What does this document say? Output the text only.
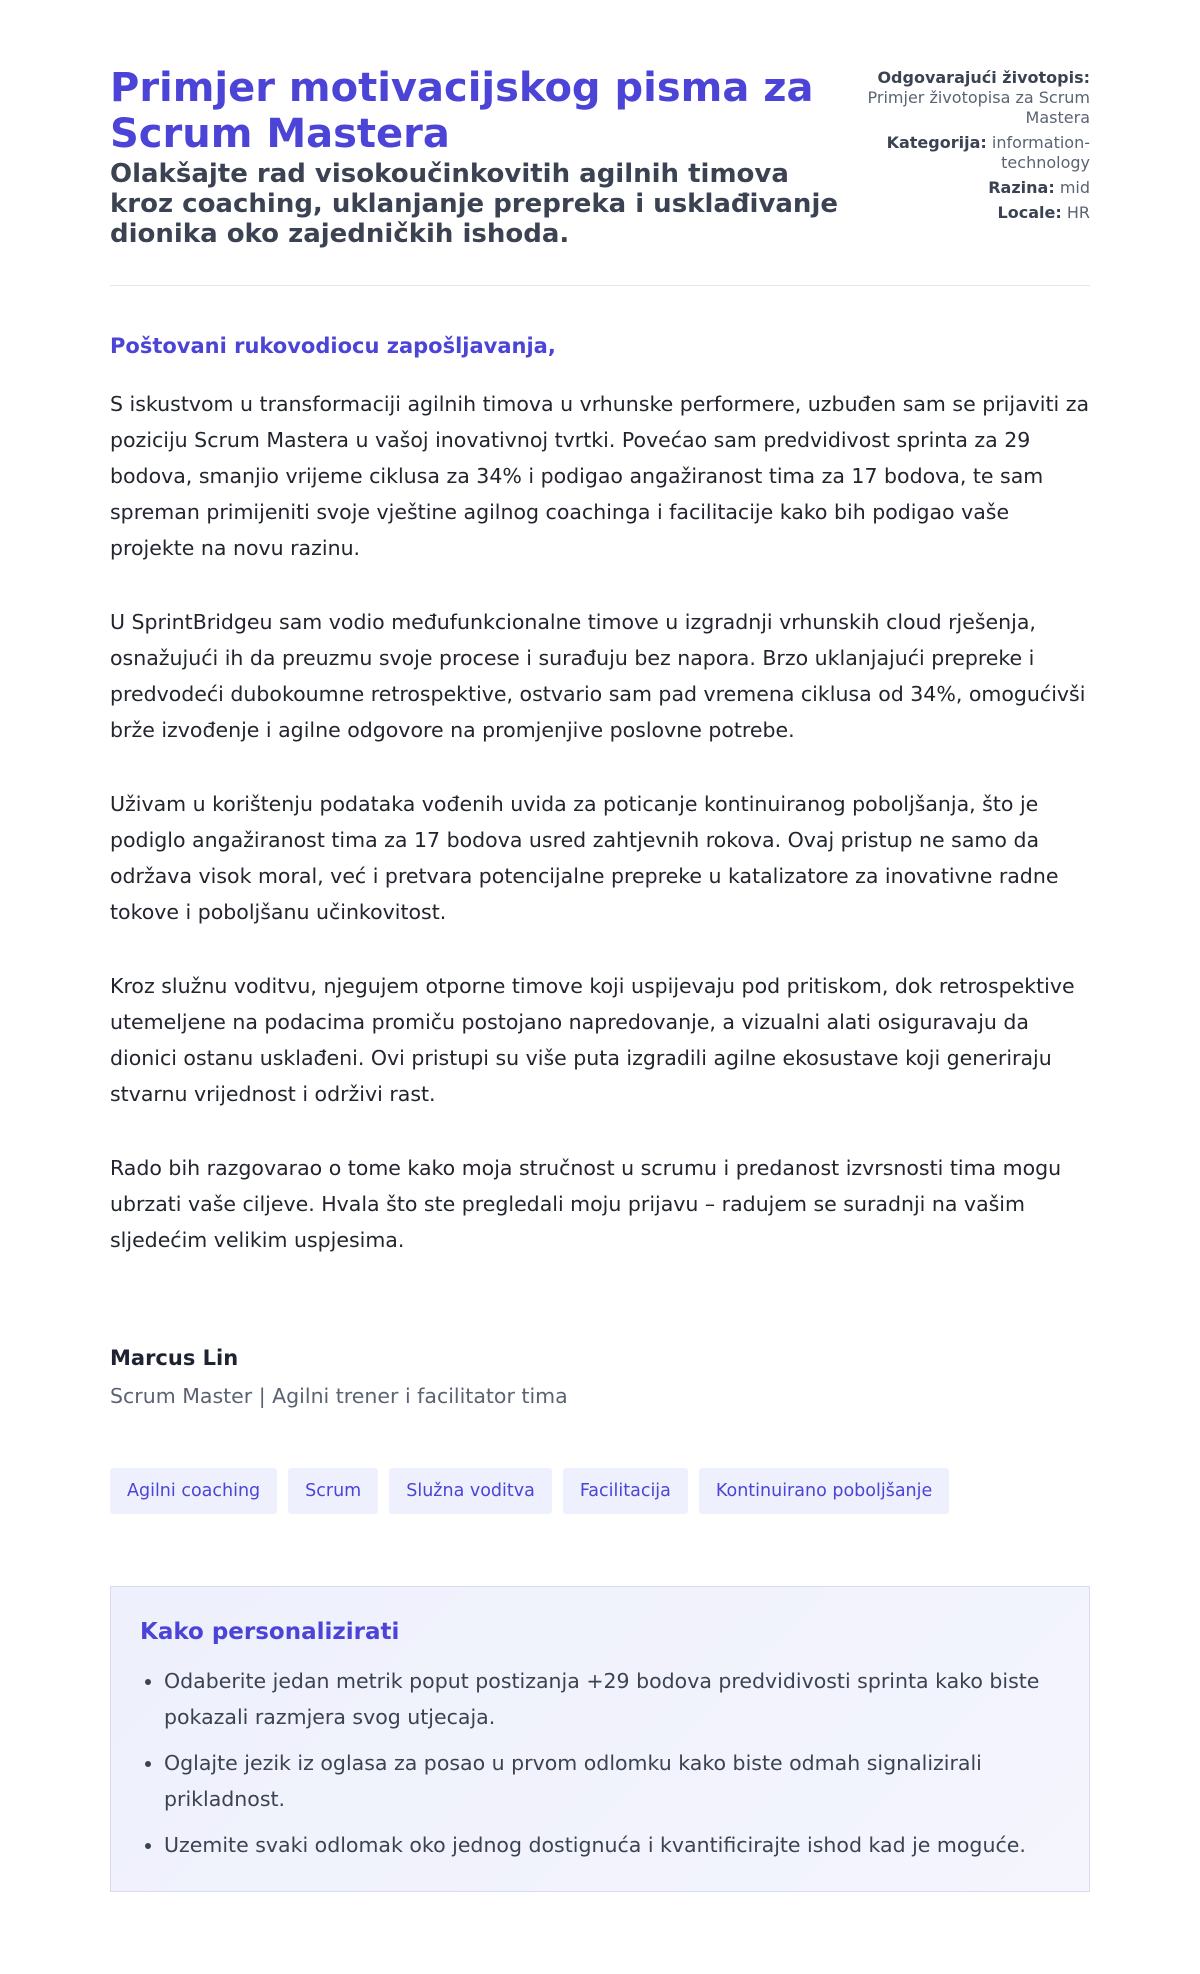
Primjer motivacijskog pisma za Scrum Mastera
Olakšajte rad visokoučinkovitih agilnih timova kroz coaching, uklanjanje prepreka i usklađivanje dionika oko zajedničkih ishoda.
Odgovarajući životopis: Primjer životopisa za Scrum Mastera
Kategorija: information-technology
Razina: mid
Locale: HR
Poštovani rukovodiocu zapošljavanja,

S iskustvom u transformaciji agilnih timova u vrhunske performere, uzbuđen sam se prijaviti za poziciju Scrum Mastera u vašoj inovativnoj tvrtki. Povećao sam predvidivost sprinta za 29 bodova, smanjio vrijeme ciklusa za 34% i podigao angažiranost tima za 17 bodova, te sam spreman primijeniti svoje vještine agilnog coachinga i facilitacije kako bih podigao vaše projekte na novu razinu.

U SprintBridgeu sam vodio međufunkcionalne timove u izgradnji vrhunskih cloud rješenja, osnažujući ih da preuzmu svoje procese i surađuju bez napora. Brzo uklanjajući prepreke i predvodeći dubokoumne retrospektive, ostvario sam pad vremena ciklusa od 34%, omogućivši brže izvođenje i agilne odgovore na promjenjive poslovne potrebe.

Uživam u korištenju podataka vođenih uvida za poticanje kontinuiranog poboljšanja, što je podiglo angažiranost tima za 17 bodova usred zahtjevnih rokova. Ovaj pristup ne samo da održava visok moral, već i pretvara potencijalne prepreke u katalizatore za inovativne radne tokove i poboljšanu učinkovitost.

Kroz služnu voditvu, njegujem otporne timove koji uspijevaju pod pritiskom, dok retrospektive utemeljene na podacima promiču postojano napredovanje, a vizualni alati osiguravaju da dionici ostanu usklađeni. Ovi pristupi su više puta izgradili agilne ekosustave koji generiraju stvarnu vrijednost i održivi rast.

Rado bih razgovarao o tome kako moja stručnost u scrumu i predanost izvrsnosti tima mogu ubrzati vaše ciljeve. Hvala što ste pregledali moju prijavu – radujem se suradnji na vašim sljedećim velikim uspjesima.

Marcus Lin
Scrum Master | Agilni trener i facilitator tima
Agilni coaching	Scrum	Služna voditva	Facilitacija	Kontinuirano poboljšanje
Kako personalizirati
• Odaberite jedan metrik poput postizanja +29 bodova predvidivosti sprinta kako biste pokazali razmjera svog utjecaja.
• Oglajte jezik iz oglasa za posao u prvom odlomku kako biste odmah signalizirali prikladnost.
• Uzemite svaki odlomak oko jednog dostignuća i kvantificirajte ishod kad je moguće.
